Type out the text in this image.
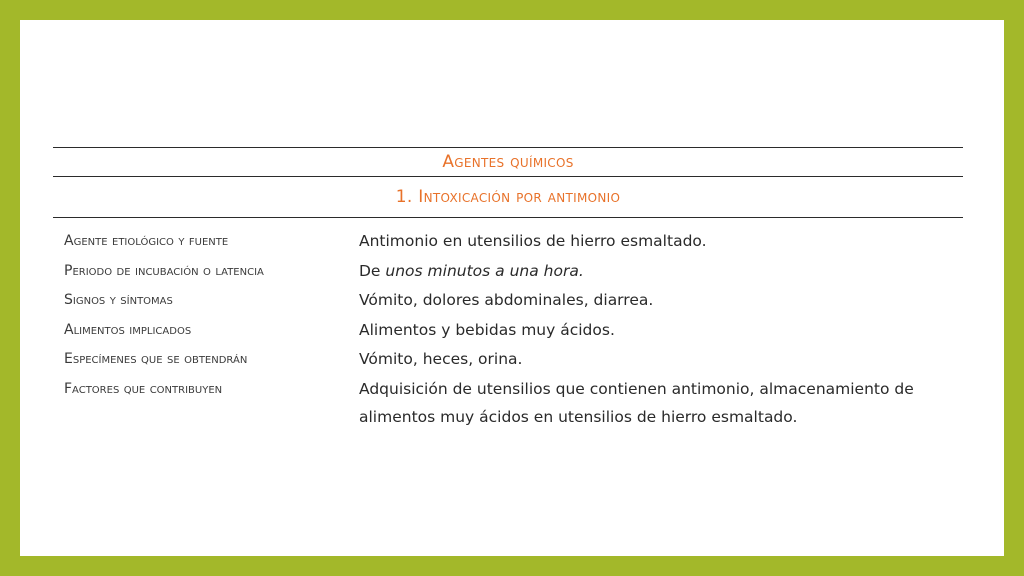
Agentes químicos
1. Intoxicación por antimonio
Agente etiológico y fuente	Antimonio en utensilios de hierro esmaltado.
Periodo de incubación o latencia	De unos minutos a una hora.
Signos y síntomas	Vómito, dolores abdominales, diarrea.
Alimentos implicados	Alimentos y bebidas muy ácidos.
Especímenes que se obtendrán	Vómito, heces, orina.
Factores que contribuyen	Adquisición de utensilios que contienen antimonio, almacenamiento de alimentos muy ácidos en utensilios de hierro esmaltado.
